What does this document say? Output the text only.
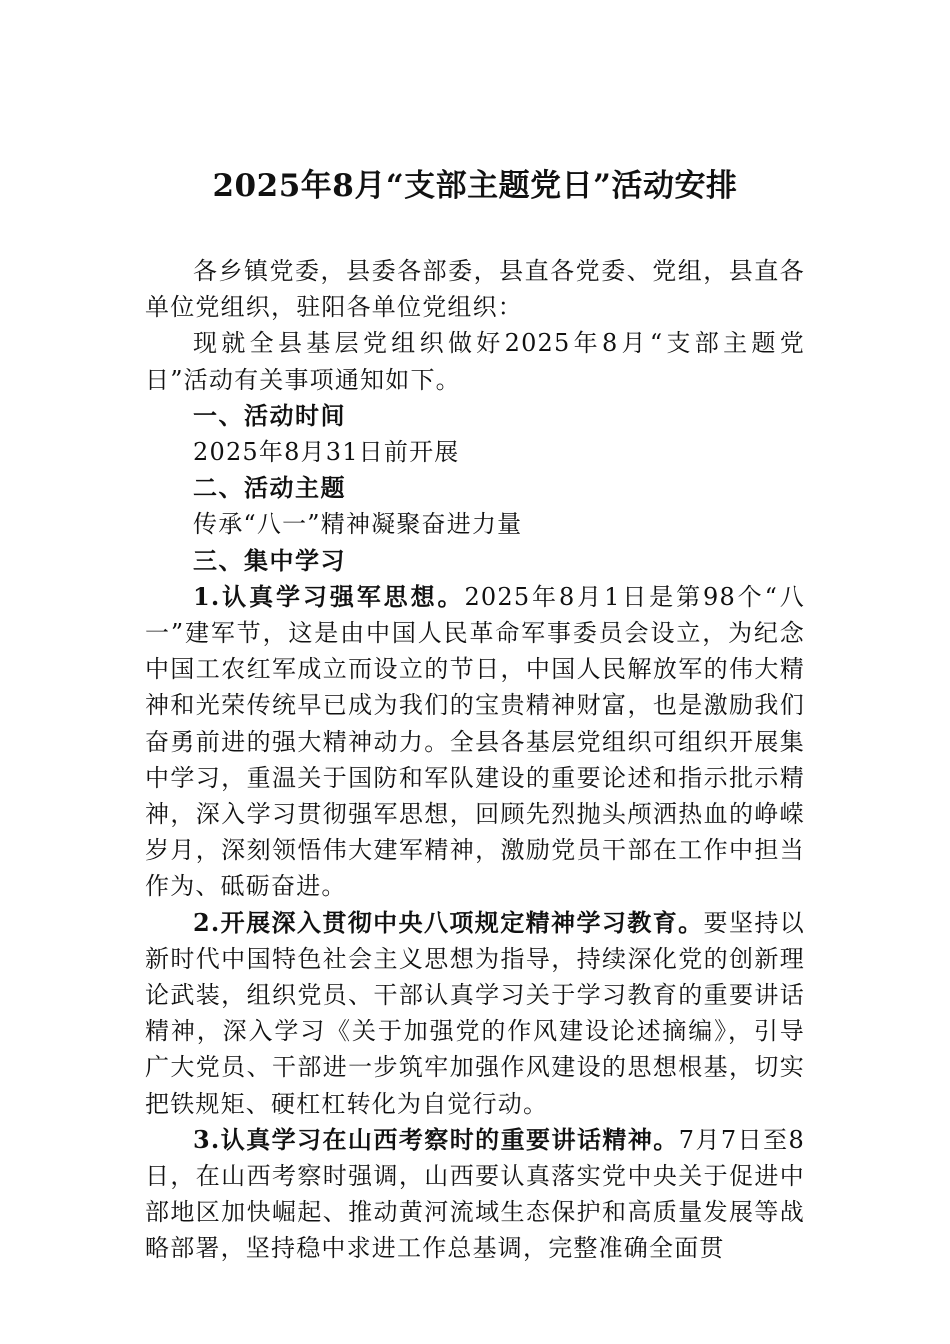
2025年8月“支部主题党日”活动安排

各乡镇党委，县委各部委，县直各党委、党组，县直各单位党组织，驻阳各单位党组织：

现就全县基层党组织做好2025年8月“支部主题党日”活动有关事项通知如下。

一、活动时间

2025年8月31日前开展

二、活动主题

传承“八一”精神凝聚奋进力量

三、集中学习

1.认真学习强军思想。2025年8月1日是第98个“八一”建军节，这是由中国人民革命军事委员会设立，为纪念中国工农红军成立而设立的节日，中国人民解放军的伟大精神和光荣传统早已成为我们的宝贵精神财富，也是激励我们奋勇前进的强大精神动力。全县各基层党组织可组织开展集中学习，重温关于国防和军队建设的重要论述和指示批示精神，深入学习贯彻强军思想，回顾先烈抛头颅洒热血的峥嵘岁月，深刻领悟伟大建军精神，激励党员干部在工作中担当作为、砥砺奋进。

2.开展深入贯彻中央八项规定精神学习教育。要坚持以新时代中国特色社会主义思想为指导，持续深化党的创新理论武装，组织党员、干部认真学习关于学习教育的重要讲话精神，深入学习《关于加强党的作风建设论述摘编》，引导广大党员、干部进一步筑牢加强作风建设的思想根基，切实把铁规矩、硬杠杠转化为自觉行动。

3.认真学习在山西考察时的重要讲话精神。7月7日至8日，在山西考察时强调，山西要认真落实党中央关于促进中部地区加快崛起、推动黄河流域生态保护和高质量发展等战略部署，坚持稳中求进工作总基调，完整准确全面贯
